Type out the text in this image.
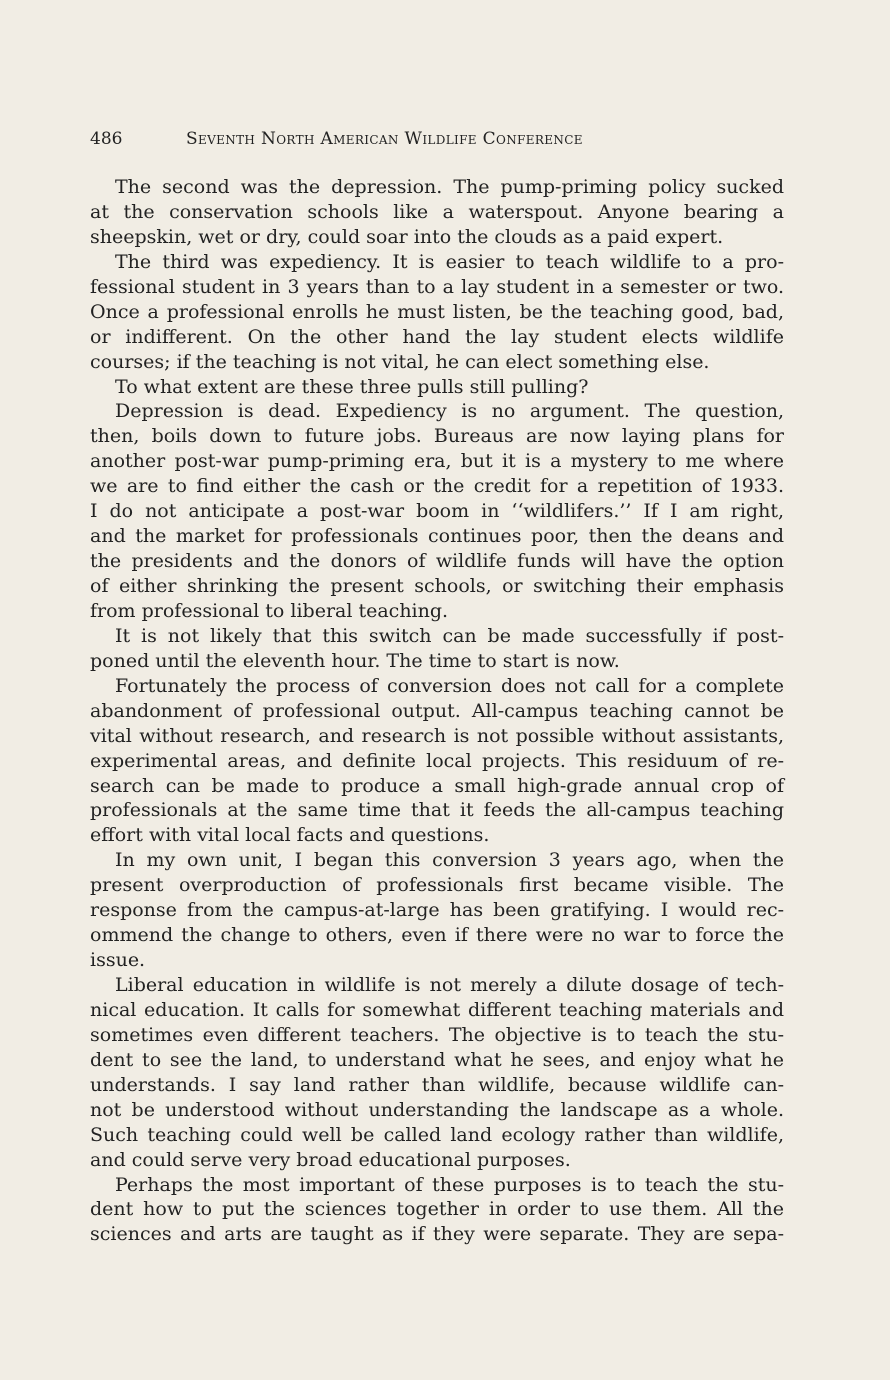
486	Seventh North American Wildlife Conference
The second was the depression. The pump-priming policy sucked
at the conservation schools like a waterspout. Anyone bearing a
sheepskin, wet or dry, could soar into the clouds as a paid expert.
The third was expediency. It is easier to teach wildlife to a pro-
fessional student in 3 years than to a lay student in a semester or two.
Once a professional enrolls he must listen, be the teaching good, bad,
or indifferent. On the other hand the lay student elects wildlife
courses; if the teaching is not vital, he can elect something else.
To what extent are these three pulls still pulling?
Depression is dead. Expediency is no argument. The question,
then, boils down to future jobs. Bureaus are now laying plans for
another post-war pump-priming era, but it is a mystery to me where
we are to find either the cash or the credit for a repetition of 1933.
I do not anticipate a post-war boom in ‘‘wildlifers.’’ If I am right,
and the market for professionals continues poor, then the deans and
the presidents and the donors of wildlife funds will have the option
of either shrinking the present schools, or switching their emphasis
from professional to liberal teaching.
It is not likely that this switch can be made successfully if post-
poned until the eleventh hour. The time to start is now.
Fortunately the process of conversion does not call for a complete
abandonment of professional output. All-campus teaching cannot be
vital without research, and research is not possible without assistants,
experimental areas, and definite local projects. This residuum of re-
search can be made to produce a small high-grade annual crop of
professionals at the same time that it feeds the all-campus teaching
effort with vital local facts and questions.
In my own unit, I began this conversion 3 years ago, when the
present overproduction of professionals first became visible. The
response from the campus-at-large has been gratifying. I would rec-
ommend the change to others, even if there were no war to force the
issue.
Liberal education in wildlife is not merely a dilute dosage of tech-
nical education. It calls for somewhat different teaching materials and
sometimes even different teachers. The objective is to teach the stu-
dent to see the land, to understand what he sees, and enjoy what he
understands. I say land rather than wildlife, because wildlife can-
not be understood without understanding the landscape as a whole.
Such teaching could well be called land ecology rather than wildlife,
and could serve very broad educational purposes.
Perhaps the most important of these purposes is to teach the stu-
dent how to put the sciences together in order to use them. All the
sciences and arts are taught as if they were separate. They are sepa-
